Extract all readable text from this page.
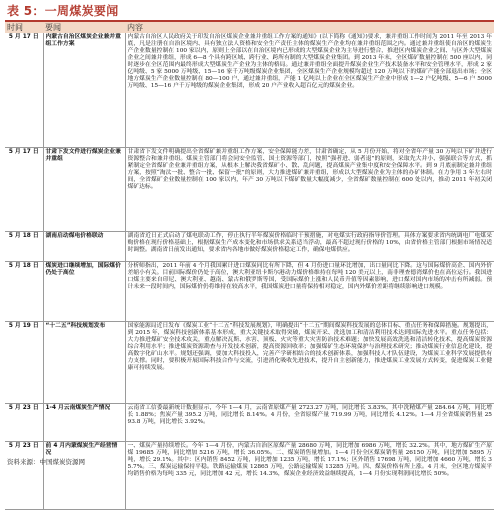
表 5：一周煤炭要闻
时间	要闻	内容
5 月 17 日	内蒙古自治区煤炭企业兼并重组工作方案	内蒙古自治区人民政府关于印发自治区煤炭企业兼并重组工作方案的通知》(以下简称《通知》)要求，兼并重组工作时间为 2011 年至 2013 年底，凡是注册在自治区境内、具有独立法人资格和安全生产责任主体的煤炭生产企业均在兼并重组范围之内。通过兼并重组使自治区的煤炭生产企业数量控制在 100 家以内，原则上全部以在自治区境内已形成的大型煤炭企业为主导进行整合，推进区内煤炭企业之间、与区外大型煤炭企业之间兼并重组，形成 6—8 个具有跨区域、跨行业、跨所有制的大型煤炭企业集团。到 2013 年末，全区煤矿数量控制在 500 座以内，同时逐步在全区范围内最终形成大型煤炭生产企业为主体的格局。通过兼并重组全面提升煤炭企业生产技术装备水平和安全管理水平，形成 2 家亿吨级、5 家 5000 万吨级、15—16 家千万吨级煤炭企业集团，全区煤炭生产企业规模均超过 120 万吨以下的煤矿产能全部退出市场；全区地方煤炭生产企业数量控制在 80—100 户，通过兼并重组，产能 1 亿吨以上企业在全区煤炭生产企业中形成 1—2 户亿吨级、5—6 户 5000 万吨级、15—16 户千万吨级的煤炭企业集团，形成 20 户产业收入超百亿元的煤炭企业。
5 月 17 日	甘肃下发文件进行煤炭企业兼并重组	甘肃省下发文件明确提出全省煤矿兼并重组工作方案，安全保障能力差，甘肃省确定，从 5 月份开始，将对全省年产量 30 万吨以下矿井进行资源整合和兼并重组。煤炭主管部门将会同安全监管、国土资源等部门，按照“强者进、弱者退”的原则，采取先大并小、强强联合等方式，抓紧制定全省煤矿企业兼并重组方案，从根本上解决我省煤矿小、散、乱问题，提高煤炭产业集中度和安全保障水平。到 9 月底前制定兼并重组方案，按照“淘汰一批、整合一批、保留一批”的原则，大力推进煤矿兼并重组，形成以大型煤炭企业为主体的办矿体制。在力争用 3 年左右时间，全省煤矿企业数量控制在 100 家以内，年产 30 万吨以下煤矿数量大幅度减少，全省煤矿数量控制在 600 处以内，推动 2011 年初关闭煤矿达标。
5 月 18 日	湖南启动煤电价格联动	湖南省近日正式启动了煤电联动工作，停止执行半年煤炭价格临时干预措施，对电煤实行政府指导价管理。具体方案要求省内统调电厂电煤采购价格在现行价格基础上，根据煤炭生产成本变化和市场供求关系适当浮动，最高不超过现行价格的 10%，由省价格主管部门根据市场情况适时调整。湖南省日前发出通知，要求省内各地市做好煤炭价格稳定工作，确保电煤供应。
5 月 18 日	煤炭进口继续增加，国际煤价仍处于高位	分析师指出，2011 年前 4 个月我国累计进口煤炭同比有所下降，但 4 月份进口量环比增加，出口量同比下降。这与国际煤价高企、国内外价差缩小有关。目前国际煤价仍处于高位，澳大利亚纽卡斯尔港动力煤价格维持在每吨 120 美元以上，南非理查德湾煤价也在高位运行。我国进口煤主要来自印尼、澳大利亚、越南、蒙古和俄罗斯等国，受国际煤价上涨和人民币升值等因素影响，进口煤对国内市场的冲击有所减弱。预计未来一段时间内，国际煤价仍将维持在较高水平，我国煤炭进口量将保持相对稳定，国内外煤价差距将继续影响进口规模。
5 月 19 日	“十二五”科技规划发布	国家能源局近日发布《煤炭工业“十二五”科技发展规划》，明确提出“十二五”期间煤炭科技发展的总体目标、重点任务和保障措施。规划提出，到 2015 年，煤炭科技创新体系基本形成，重大关键技术取得突破，煤炭开采、洗选加工和清洁利用技术达到国际先进水平。重点任务包括：大力推进煤矿安全技术攻关，重点解决瓦斯、水害、顶板、火灾等重大灾害防治技术难题；加快发展高效洗选和清洁转化技术，提高煤炭资源综合利用水平；推进煤炭资源勘查与开发技术创新，提高资源回收率；加强煤矿生态环境保护与治理技术研究；推动煤炭行业信息化建设，提高数字化矿山水平。规划还强调，要加大科技投入，完善产学研相结合的技术创新体系，加强科技人才队伍建设，为煤炭工业科学发展提供有力支撑。同时，要积极开展国际科技合作与交流，引进消化吸收先进技术，提升自主创新能力，推进煤炭工业发展方式转变，促进煤炭工业健康可持续发展。
5 月 23 日	1-4 月云南煤炭生产情况	云南省工信委最新统计数据显示，今年 1—4 月，云南省原煤产量 2723.27 万吨，同比增长 3.83%，其中洗精煤产量 284.64 万吨，同比增长 1.88%；焦炭产量 395.2 万吨，同比增长 8.14%。4 月份，全省原煤产量 719.99 万吨，同比增长 4.12%。1—4 月全省煤炭销售量 2593.8 万吨，同比增长 3.92%。
5 月 23 日	前 4 月内蒙煤炭生产经营情况	一、煤炭产量持续增长。今年 1—4 月份，内蒙古自治区原煤产量 28680 万吨，同比增加 6986 万吨，增长 32.2%。其中，地方煤矿生产原煤 19685 万吨，同比增加 5216 万吨，增长 36.05%。二、煤炭销售量增加。1—4 月份全区煤炭销售量 26150 万吨，同比增加 5895 万吨，增长 29.1%。其中：区内销售 8452 万吨，同比增加 1235 万吨，增长 17.1%；区外销售 17698 万吨，同比增加 4660 万吨，增长 35.7%。三、煤炭运输保持平稳。铁路运输煤炭 12865 万吨，公路运输煤炭 13285 万吨。四、煤炭价格有所上涨。4 月末，全区地方煤炭平均销售价格为每吨 335 元，同比增加 42 元，增长 14.3%，煤炭企业经济效益继续提高，1—4 月份实现利润同比增长 50%。
资料来源：中国煤炭资源网
